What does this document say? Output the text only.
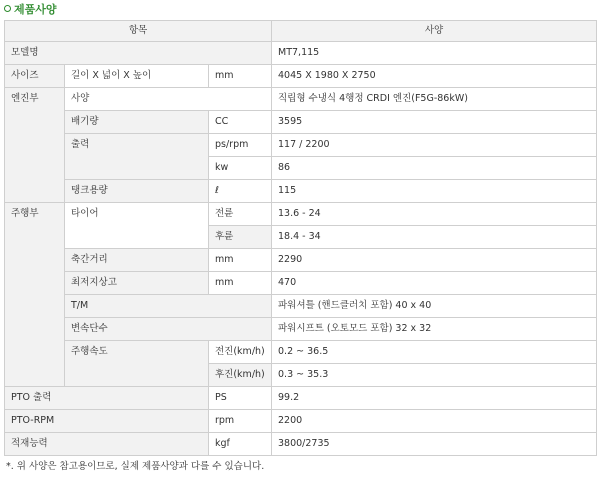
제품사양
항목			사양
모델명			MT7,115
사이즈	길이 X 넓이 X 높이	mm	4045 X 1980 X 2750
엔진부	사양		직립형 수냉식 4행정 CRDI 엔진(F5G-86kW)
	배기량	CC	3595
	출력	ps/rpm	117 / 2200
		kw	86
	탱크용량	ℓ	115
주행부	타이어	전륜	13.6 - 24
		후륜	18.4 - 34
	축간거리	mm	2290
	최저지상고	mm	470
	T/M		파워셔틀 (핸드클러치 포함) 40 x 40
	변속단수		파워시프트 (오토모드 포함) 32 x 32
	주행속도	전진(km/h)	0.2 ~ 36.5
		후진(km/h)	0.3 ~ 35.3
PTO 출력		PS	99.2
PTO-RPM		rpm	2200
적재능력		kgf	3800/2735
*. 위 사양은 참고용이므로, 실제 제품사양과 다를 수 있습니다.
